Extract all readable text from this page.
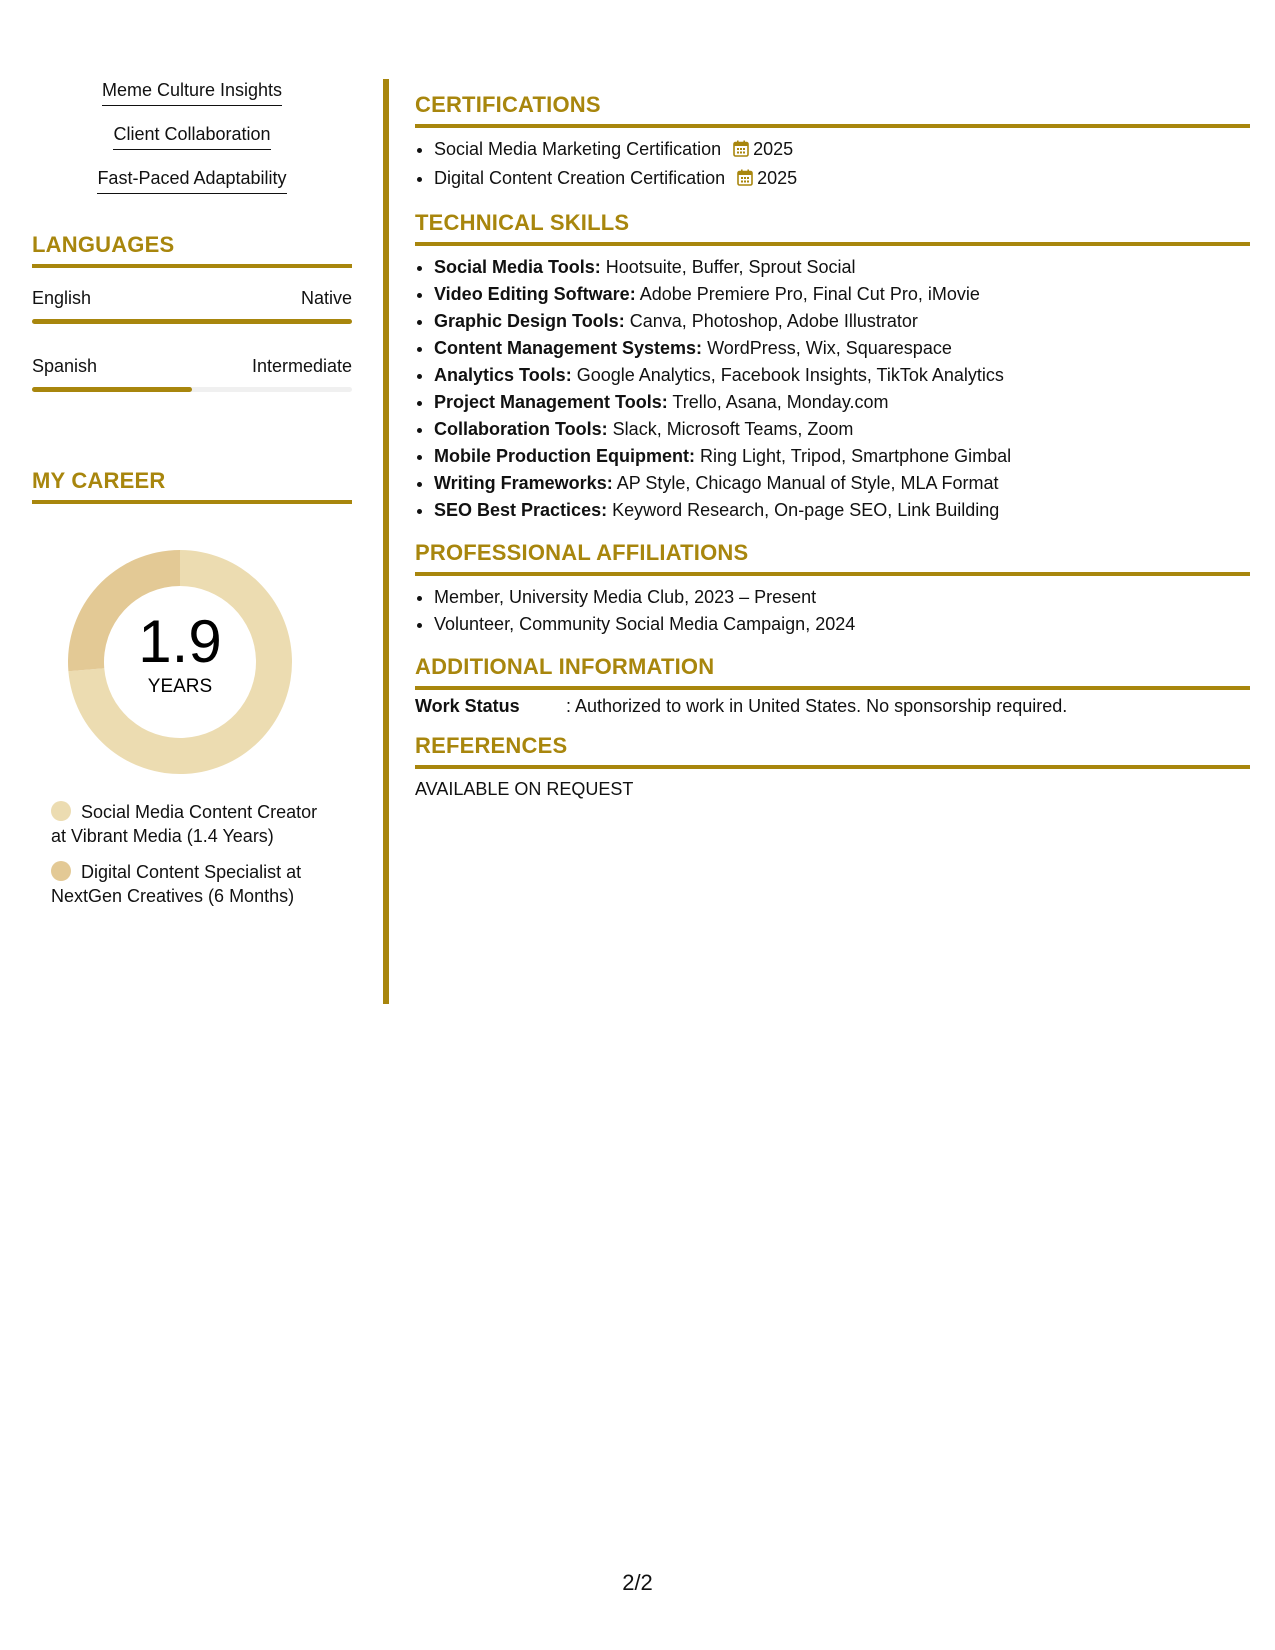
Meme Culture Insights
Client Collaboration
Fast-Paced Adaptability
LANGUAGES
English	Native
Spanish	Intermediate
MY CAREER
1.9
YEARS
Social Media Content Creator at Vibrant Media (1.4 Years)
Digital Content Specialist at NextGen Creatives (6 Months)
CERTIFICATIONS
• Social Media Marketing Certification 2025
• Digital Content Creation Certification 2025
TECHNICAL SKILLS
• Social Media Tools: Hootsuite, Buffer, Sprout Social
• Video Editing Software: Adobe Premiere Pro, Final Cut Pro, iMovie
• Graphic Design Tools: Canva, Photoshop, Adobe Illustrator
• Content Management Systems: WordPress, Wix, Squarespace
• Analytics Tools: Google Analytics, Facebook Insights, TikTok Analytics
• Project Management Tools: Trello, Asana, Monday.com
• Collaboration Tools: Slack, Microsoft Teams, Zoom
• Mobile Production Equipment: Ring Light, Tripod, Smartphone Gimbal
• Writing Frameworks: AP Style, Chicago Manual of Style, MLA Format
• SEO Best Practices: Keyword Research, On-page SEO, Link Building
PROFESSIONAL AFFILIATIONS
• Member, University Media Club, 2023 – Present
• Volunteer, Community Social Media Campaign, 2024
ADDITIONAL INFORMATION
Work Status	: Authorized to work in United States. No sponsorship required.
REFERENCES
AVAILABLE ON REQUEST
2/2
